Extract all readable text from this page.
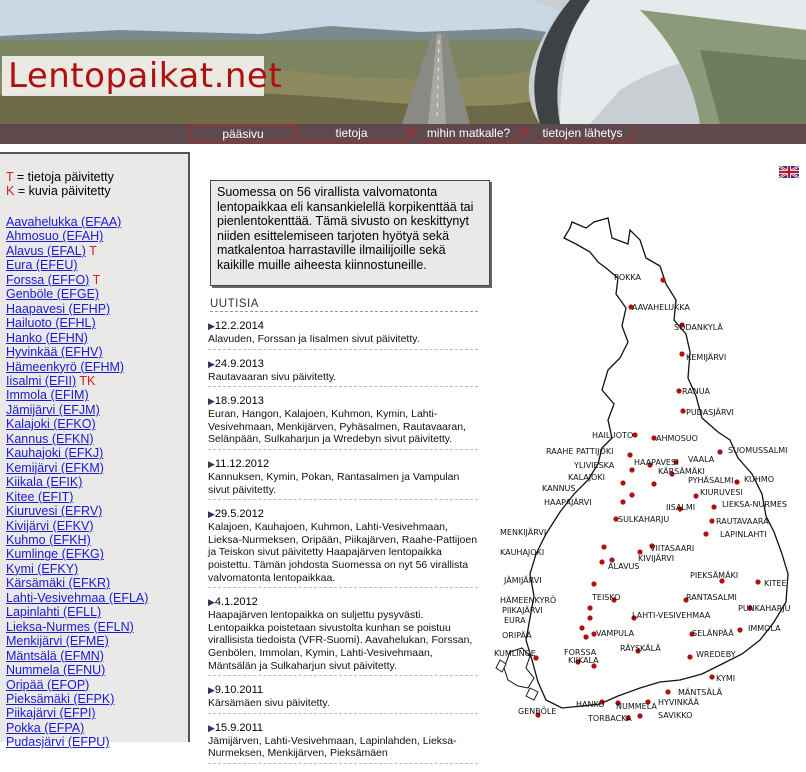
Lentopaikat.net
pääsivu	tietoja	K mihin matkalle? K	tietojen lähetys
T = tietoja päivitetty
K = kuvia päivitetty
Aavahelukka (EFAA)
Ahmosuo (EFAH)
Alavus (EFAL) T
Eura (EFEU)
Forssa (EFFO) T
Genböle (EFGE)
Haapavesi (EFHP)
Hailuoto (EFHL)
Hanko (EFHN)
Hyvinkää (EFHV)
Hämeenkyrö (EFHM)
Iisalmi (EFII) TK
Immola (EFIM)
Jämijärvi (EFJM)
Kalajoki (EFKO)
Kannus (EFKN)
Kauhajoki (EFKJ)
Kemijärvi (EFKM)
Kiikala (EFIK)
Kitee (EFIT)
Kiuruvesi (EFRV)
Kivijärvi (EFKV)
Kuhmo (EFKH)
Kumlinge (EFKG)
Kymi (EFKY)
Kärsämäki (EFKR)
Lahti-Vesivehmaa (EFLA)
Lapinlahti (EFLL)
Lieksa-Nurmes (EFLN)
Menkijärvi (EFME)
Mäntsälä (EFMN)
Nummela (EFNU)
Oripää (EFOP)
Pieksämäki (EFPK)
Piikajärvi (EFPI)
Pokka (EFPA)
Pudasjärvi (EFPU)
Suomessa on 56 virallista valvomatonta lentopaikkaa eli kansankielellä korpikenttää tai pienlentokenttää. Tämä sivusto on keskittynyt niiden esittelemiseen tarjoten hyötyä sekä matkalentoa harrastaville ilmailijoille sekä kaikille muille aiheesta kiinnostuneille.
UUTISIA
▶12.2.2014
Alavuden, Forssan ja Iisalmen sivut päivitetty.
▶24.9.2013
Rautavaaran sivu päivitetty.
▶18.9.2013
Euran, Hangon, Kalajoen, Kuhmon, Kymin, Lahti-Vesivehmaan, Menkijärven, Pyhäsalmen, Rautavaaran, Selänpään, Sulkaharjun ja Wredebyn sivut päivitetty.
▶11.12.2012
Kannuksen, Kymin, Pokan, Rantasalmen ja Vampulan sivut päivitetty.
▶29.5.2012
Kalajoen, Kauhajoen, Kuhmon, Lahti-Vesivehmaan, Lieksa-Nurmeksen, Oripään, Piikajärven, Raahe-Pattijoen ja Teiskon sivut päivitetty Haapajärven lentopaikka poistettu. Tämän johdosta Suomessa on nyt 56 virallista valvomatonta lentopaikkaa.
▶4.1.2012
Haapajärven lentopaikka on suljettu pysyvästi. Lentopaikka poistetaan sivustolta kunhan se poistuu virallisista tiedoista (VFR-Suomi). Aavahelukan, Forssan, Genbölen, Immolan, Kymin, Lahti-Vesivehmaan, Mäntsälän ja Sulkaharjun sivut päivitetty.
▶9.10.2011
Kärsämäen sivu päivitetty.
▶15.9.2011
Jämijärven, Lahti-Vesivehmaan, Lapinlahden, Lieksa-Nurmeksen, Menkijärven, Pieksämäen
POKKA
AAVAHELUKKA
SODANKYLÄ
KEMIJÄRVI
RANUA
PUDASJÄRVI
HAILUOTO	AHMOSUO
SUOMUSSALMI
RAAHE PATTIJOKI
VAALA
YLIVIESKA HAAPAVESI
KÄRSÄMÄKI
KALAJOKI	PYHÄSALMI KUHMO
KANNUS	KIURUVESI
HAAPAJÄRVI
IISALMI	LIEKSA-NURMES
SULKAHARJU	RAUTAVAARA
LAPINLAHTI
MENKIJÄRVI
VIITASAARI
KAUHAJOKI
KIVIJÄRVI
ALAVUS
PIEKSÄMÄKI
KITEE
JÄMIJÄRVI
RANTASALMI
TEISKO
PUNKAHARJU
HÄMEENKYRÖ
PIIKAJÄRVI
LAHTI-VESIVEHMAA
IMMOLA
EURA
VAMPULA	SELÄNPÄÄ
ORIPÄÄ
RÄYSKÄLÄ
WREDEBY
KUMLINGE	FORSSA
KIIKALA
KYMI
MÄNTSÄLÄ
HYVINKÄÄ
GENBÖLE
HANKO NUMMELA
SAVIKKO
TORBACKA
